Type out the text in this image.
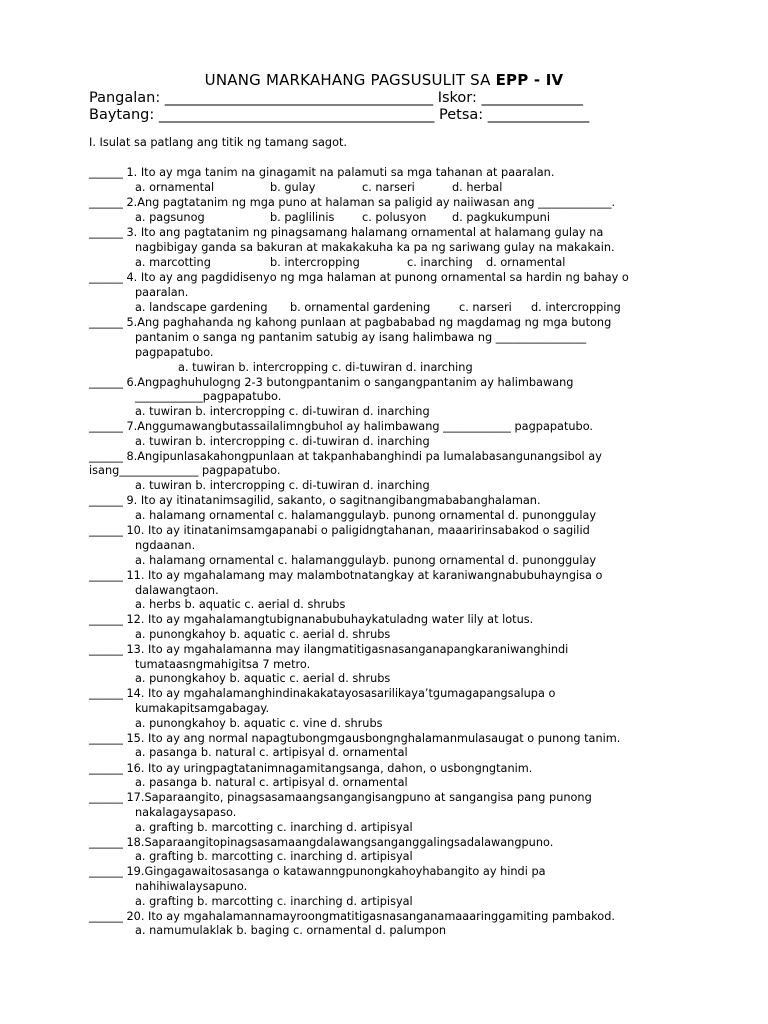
UNANG MARKAHANG PAGSUSULIT SA EPP - IV
Pangalan: _____________________________________ Iskor: ______________
Baytang: ______________________________________ Petsa: ______________
I. Isulat sa patlang ang titik ng tamang sagot.
______ 1. Ito ay mga tanim na ginagamit na palamuti sa mga tahanan at paaralan.
a. ornamental	b. gulay	c. narseri	d. herbal
______ 2.Ang pagtatanim ng mga puno at halaman sa paligid ay naiiwasan ang _____________.
a. pagsunog	b. paglilinis c. polusyon d. pagkukumpuni
______ 3. Ito ang pagtatanim ng pinagsamang halamang ornamental at halamang gulay na
nagbibigay ganda sa bakuran at makakakuha ka pa ng sariwang gulay na makakain.
a. marcotting	b. intercropping	c. inarching d. ornamental
______ 4. Ito ay ang pagdidisenyo ng mga halaman at punong ornamental sa hardin ng bahay o
paaralan.
a. landscape gardening b. ornamental gardening	c. narseri d. intercropping
______ 5.Ang paghahanda ng kahong punlaan at pagbababad ng magdamag ng mga butong
pantanim o sanga ng pantanim satubig ay isang halimbawa ng ________________
pagpapatubo.
a. tuwiran b. intercropping c. di-tuwiran d. inarching
______ 6.Angpaghuhulogng 2-3 butongpantanim o sangangpantanim ay halimbawang
____________pagpapatubo.
a. tuwiran b. intercropping c. di-tuwiran d. inarching
______ 7.Anggumawangbutassailalimngbuhol ay halimbawang ____________ pagpapatubo.
a. tuwiran b. intercropping c. di-tuwiran d. inarching
______ 8.Angipunlasakahongpunlaan at takpanhabanghindi pa lumalabasangunangsibol ay
isang______________ pagpapatubo.
a. tuwiran b. intercropping c. di-tuwiran d. inarching
______ 9. Ito ay itinatanimsagilid, sakanto, o sagitnangibangmababanghalaman.
a. halamang ornamental c. halamanggulayb. punong ornamental d. punonggulay
______ 10. Ito ay itinatanimsamgapanabi o paligidngtahanan, maaaririnsabakod o sagilid
ngdaanan.
a. halamang ornamental c. halamanggulayb. punong ornamental d. punonggulay
______ 11. Ito ay mgahalamang may malambotnatangkay at karaniwangnabubuhayngisa o
dalawangtaon.
a. herbs b. aquatic c. aerial d. shrubs
______ 12. Ito ay mgahalamangtubignanabubuhaykatuladng water lily at lotus.
a. punongkahoy b. aquatic c. aerial d. shrubs
______ 13. Ito ay mgahalamanna may ilangmatitigasnasanganapangkaraniwanghindi
tumataasngmahigitsa 7 metro.
a. punongkahoy b. aquatic c. aerial d. shrubs
______ 14. Ito ay mgahalamanghindinakakatayosasarilikaya’tgumagapangsalupa o
kumakapitsamgabagay.
a. punongkahoy b. aquatic c. vine d. shrubs
______ 15. Ito ay ang normal napagtubongmgausbongnghalamanmulasaugat o punong tanim.
a. pasanga b. natural c. artipisyal d. ornamental
______ 16. Ito ay uringpagtatanimnagamitangsanga, dahon, o usbongngtanim.
a. pasanga b. natural c. artipisyal d. ornamental
______ 17.Saparaangito, pinagsasamaangsangangisangpuno at sangangisa pang punong
nakalagaysapaso.
a. grafting b. marcotting c. inarching d. artipisyal
______ 18.Saparaangitopinagsasamaangdalawangsanganggalingsadalawangpuno.
a. grafting b. marcotting c. inarching d. artipisyal
______ 19.Gingagawaitosasanga o katawanngpunongkahoyhabangito ay hindi pa
nahihiwalaysapuno.
a. grafting b. marcotting c. inarching d. artipisyal
______ 20. Ito ay mgahalamannamayroongmatitigasnasanganamaaaringgamiting pambakod.
a. namumulaklak b. baging c. ornamental d. palumpon
